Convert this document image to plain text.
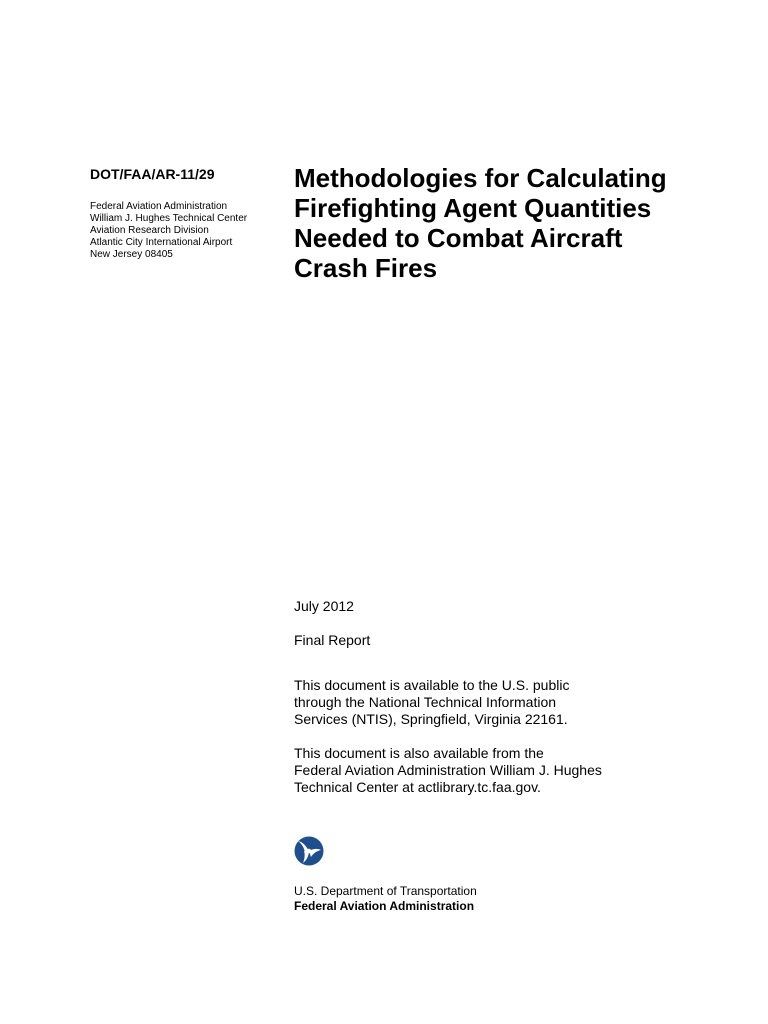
DOT/FAA/AR-11/29
Federal Aviation Administration
William J. Hughes Technical Center
Aviation Research Division
Atlantic City International Airport
New Jersey 08405
Methodologies for Calculating
Firefighting Agent Quantities
Needed to Combat Aircraft
Crash Fires

July 2012

Final Report

This document is available to the U.S. public
through the National Technical Information
Services (NTIS), Springfield, Virginia 22161.
This document is also available from the
Federal Aviation Administration William J. Hughes
Technical Center at actlibrary.tc.faa.gov.
U.S. Department of Transportation
Federal Aviation Administration
